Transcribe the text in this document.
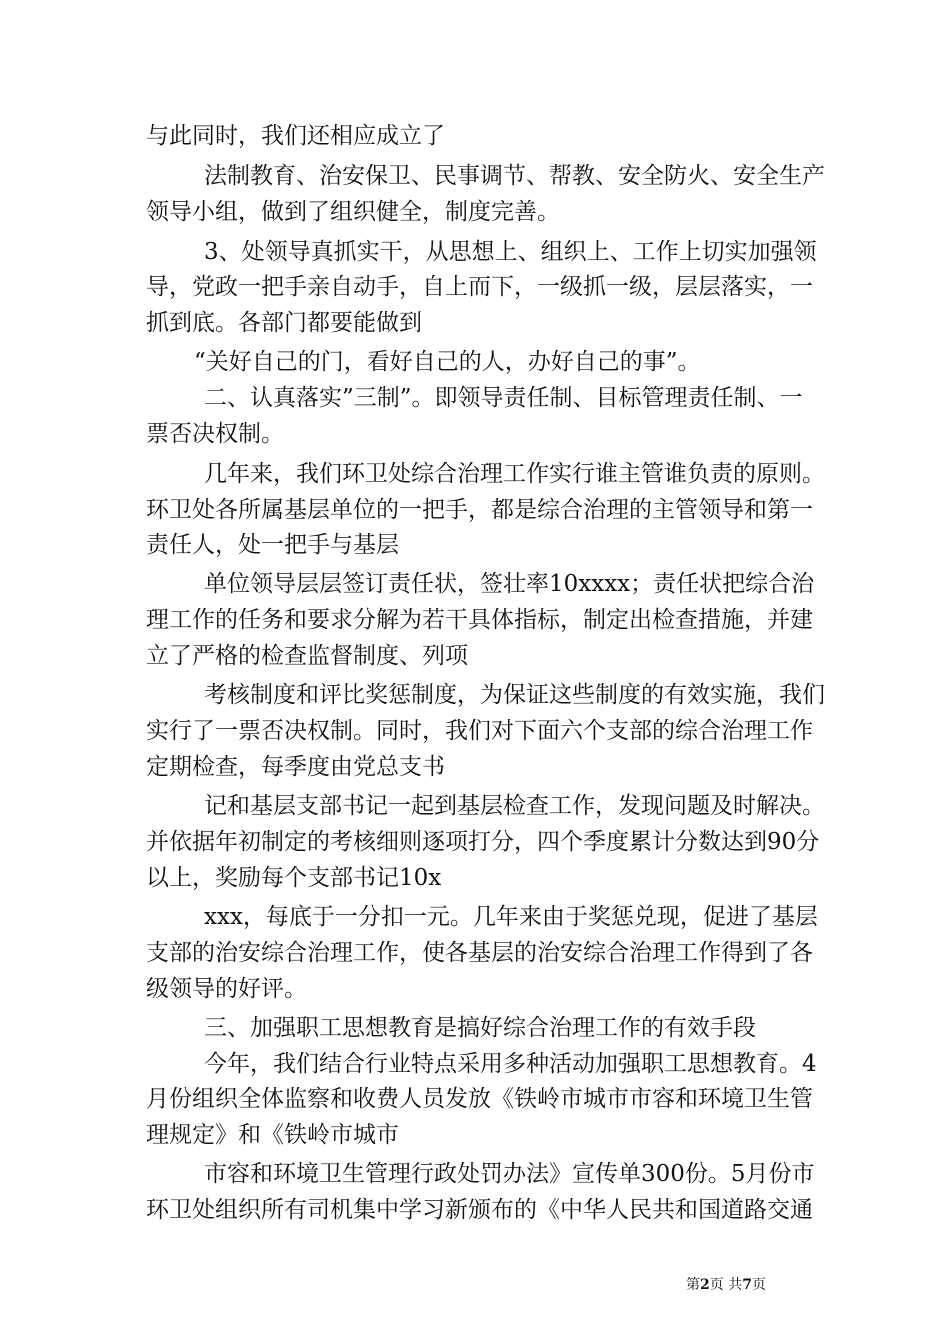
与此同时，我们还相应成立了

法制教育、治安保卫、民事调节、帮教、安全防火、安全生产

领导小组，做到了组织健全，制度完善。

3、处领导真抓实干，从思想上、组织上、工作上切实加强领

导，党政一把手亲自动手，自上而下，一级抓一级，层层落实，一

抓到底。各部门都要能做到

“关好自己的门，看好自己的人，办好自己的事”。

二、认真落实”三制”。即领导责任制、目标管理责任制、一

票否决权制。

几年来，我们环卫处综合治理工作实行谁主管谁负责的原则。

环卫处各所属基层单位的一把手，都是综合治理的主管领导和第一

责任人，处一把手与基层

单位领导层层签订责任状，签壮率10xxxx；责任状把综合治

理工作的任务和要求分解为若干具体指标，制定出检查措施，并建

立了严格的检查监督制度、列项

考核制度和评比奖惩制度，为保证这些制度的有效实施，我们

实行了一票否决权制。同时，我们对下面六个支部的综合治理工作

定期检查，每季度由党总支书

记和基层支部书记一起到基层检查工作，发现问题及时解决。

并依据年初制定的考核细则逐项打分，四个季度累计分数达到90分

以上，奖励每个支部书记10x

xxx，每底于一分扣一元。几年来由于奖惩兑现，促进了基层

支部的治安综合治理工作，使各基层的治安综合治理工作得到了各

级领导的好评。

三、加强职工思想教育是搞好综合治理工作的有效手段

今年，我们结合行业特点采用多种活动加强职工思想教育。4

月份组织全体监察和收费人员发放《铁岭市城市市容和环境卫生管

理规定》和《铁岭市城市

市容和环境卫生管理行政处罚办法》宣传单300份。5月份市

环卫处组织所有司机集中学习新颁布的《中华人民共和国道路交通

第2页 共7页
